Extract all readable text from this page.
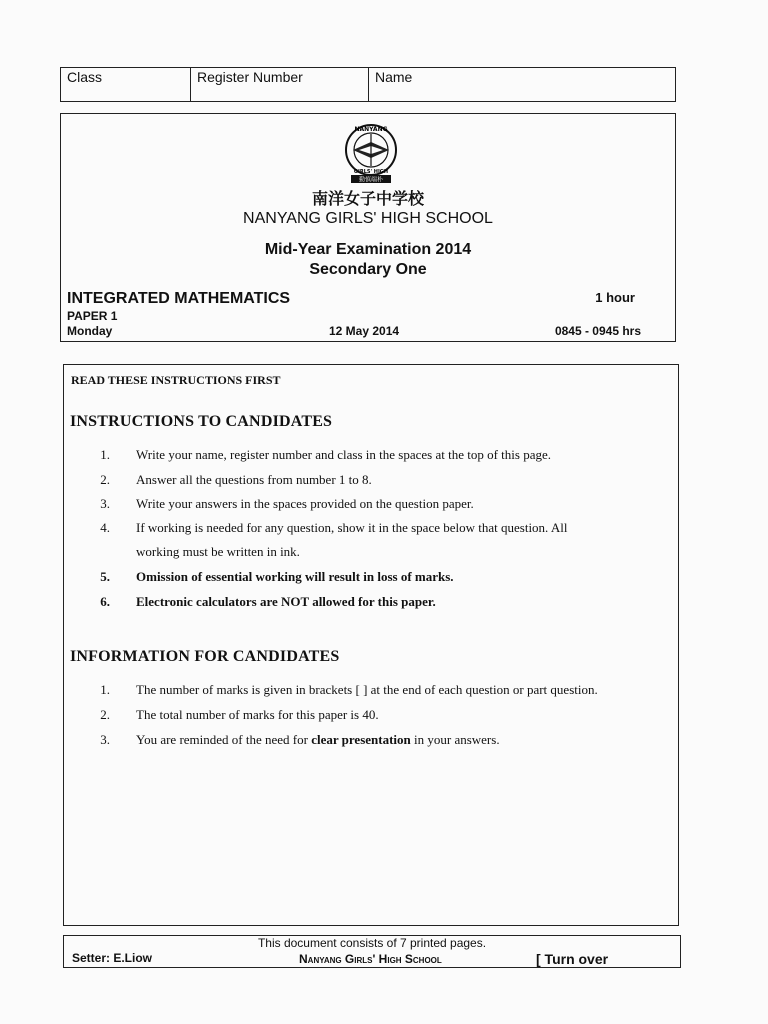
Class	Register Number	Name
NANYANG
GIRLS' HIGH
勤慎端朴
南洋女子中学校
NANYANG GIRLS' HIGH SCHOOL
Mid-Year Examination 2014
Secondary One
INTEGRATED MATHEMATICS	1 hour
PAPER 1
Monday	12 May 2014	0845 - 0945 hrs
READ THESE INSTRUCTIONS FIRST
INSTRUCTIONS TO CANDIDATES
1. Write your name, register number and class in the spaces at the top of this page.
2. Answer all the questions from number 1 to 8.
3. Write your answers in the spaces provided on the question paper.
4. If working is needed for any question, show it in the space below that question. All
working must be written in ink.
5. Omission of essential working will result in loss of marks.
6. Electronic calculators are NOT allowed for this paper.
INFORMATION FOR CANDIDATES
1. The number of marks is given in brackets [ ] at the end of each question or part question.
2. The total number of marks for this paper is 40.
3. You are reminded of the need for clear presentation in your answers.
This document consists of 7 printed pages.
Setter: E.Liow	Nanyang Girls' High School	[ Turn over
